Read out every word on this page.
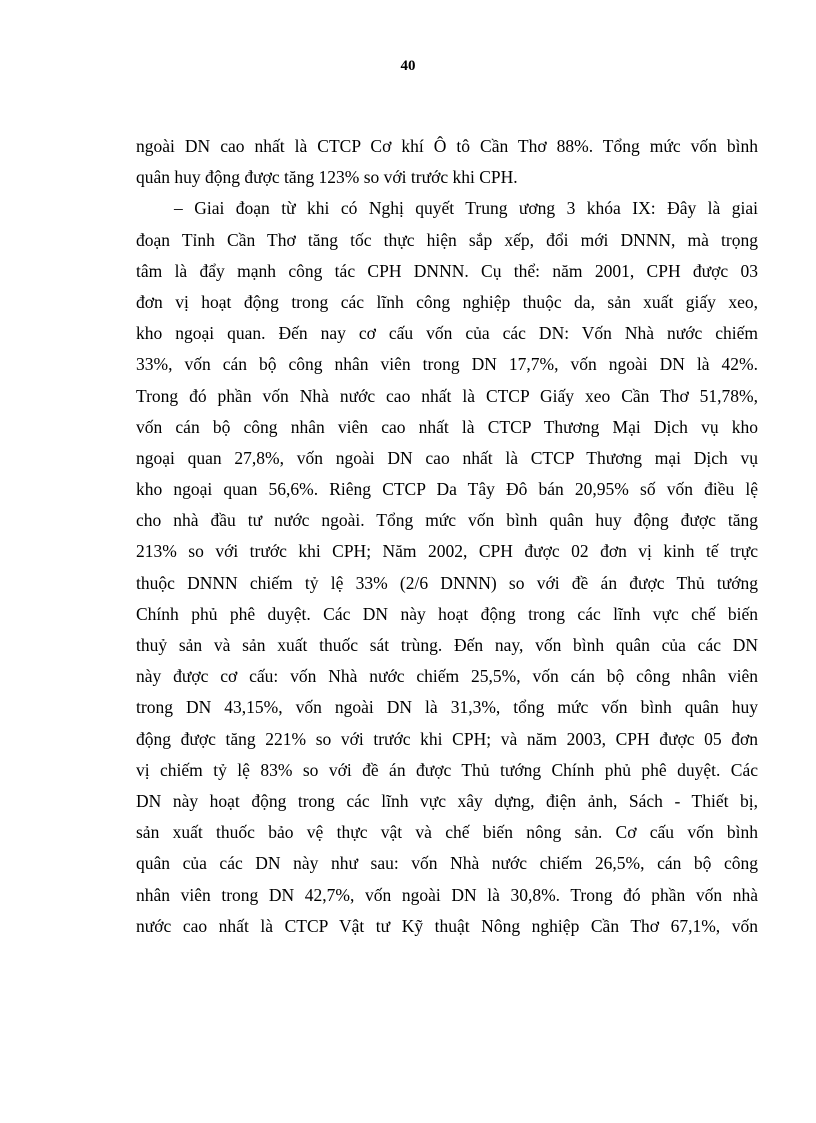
40
ngoài DN cao nhất là CTCP Cơ khí Ô tô Cần Thơ 88%. Tổng mức vốn bình
quân huy động được tăng 123% so với trước khi CPH.
– Giai đoạn từ khi có Nghị quyết Trung ương 3 khóa IX: Đây là giai
đoạn Tỉnh Cần Thơ tăng tốc thực hiện sắp xếp, đổi mới DNNN, mà trọng
tâm là đẩy mạnh công tác CPH DNNN. Cụ thể: năm 2001, CPH được 03
đơn vị hoạt động trong các lĩnh công nghiệp thuộc da, sản xuất giấy xeo,
kho ngoại quan. Đến nay cơ cấu vốn của các DN: Vốn Nhà nước chiếm
33%, vốn cán bộ công nhân viên trong DN 17,7%, vốn ngoài DN là 42%.
Trong đó phần vốn Nhà nước cao nhất là CTCP Giấy xeo Cần Thơ 51,78%,
vốn cán bộ công nhân viên cao nhất là CTCP Thương Mại Dịch vụ kho
ngoại quan 27,8%, vốn ngoài DN cao nhất là CTCP Thương mại Dịch vụ
kho ngoại quan 56,6%. Riêng CTCP Da Tây Đô bán 20,95% số vốn điều lệ
cho nhà đầu tư nước ngoài. Tổng mức vốn bình quân huy động được tăng
213% so với trước khi CPH; Năm 2002, CPH được 02 đơn vị kinh tế trực
thuộc DNNN chiếm tỷ lệ 33% (2/6 DNNN) so với đề án được Thủ tướng
Chính phủ phê duyệt. Các DN này hoạt động trong các lĩnh vực chế biến
thuỷ sản và sản xuất thuốc sát trùng. Đến nay, vốn bình quân của các DN
này được cơ cấu: vốn Nhà nước chiếm 25,5%, vốn cán bộ công nhân viên
trong DN 43,15%, vốn ngoài DN là 31,3%, tổng mức vốn bình quân huy
động được tăng 221% so với trước khi CPH; và năm 2003, CPH được 05 đơn
vị chiếm tỷ lệ 83% so với đề án được Thủ tướng Chính phủ phê duyệt. Các
DN này hoạt động trong các lĩnh vực xây dựng, điện ảnh, Sách - Thiết bị,
sản xuất thuốc bảo vệ thực vật và chế biến nông sản. Cơ cấu vốn bình
quân của các DN này như sau: vốn Nhà nước chiếm 26,5%, cán bộ công
nhân viên trong DN 42,7%, vốn ngoài DN là 30,8%. Trong đó phần vốn nhà
nước cao nhất là CTCP Vật tư Kỹ thuật Nông nghiệp Cần Thơ 67,1%, vốn
